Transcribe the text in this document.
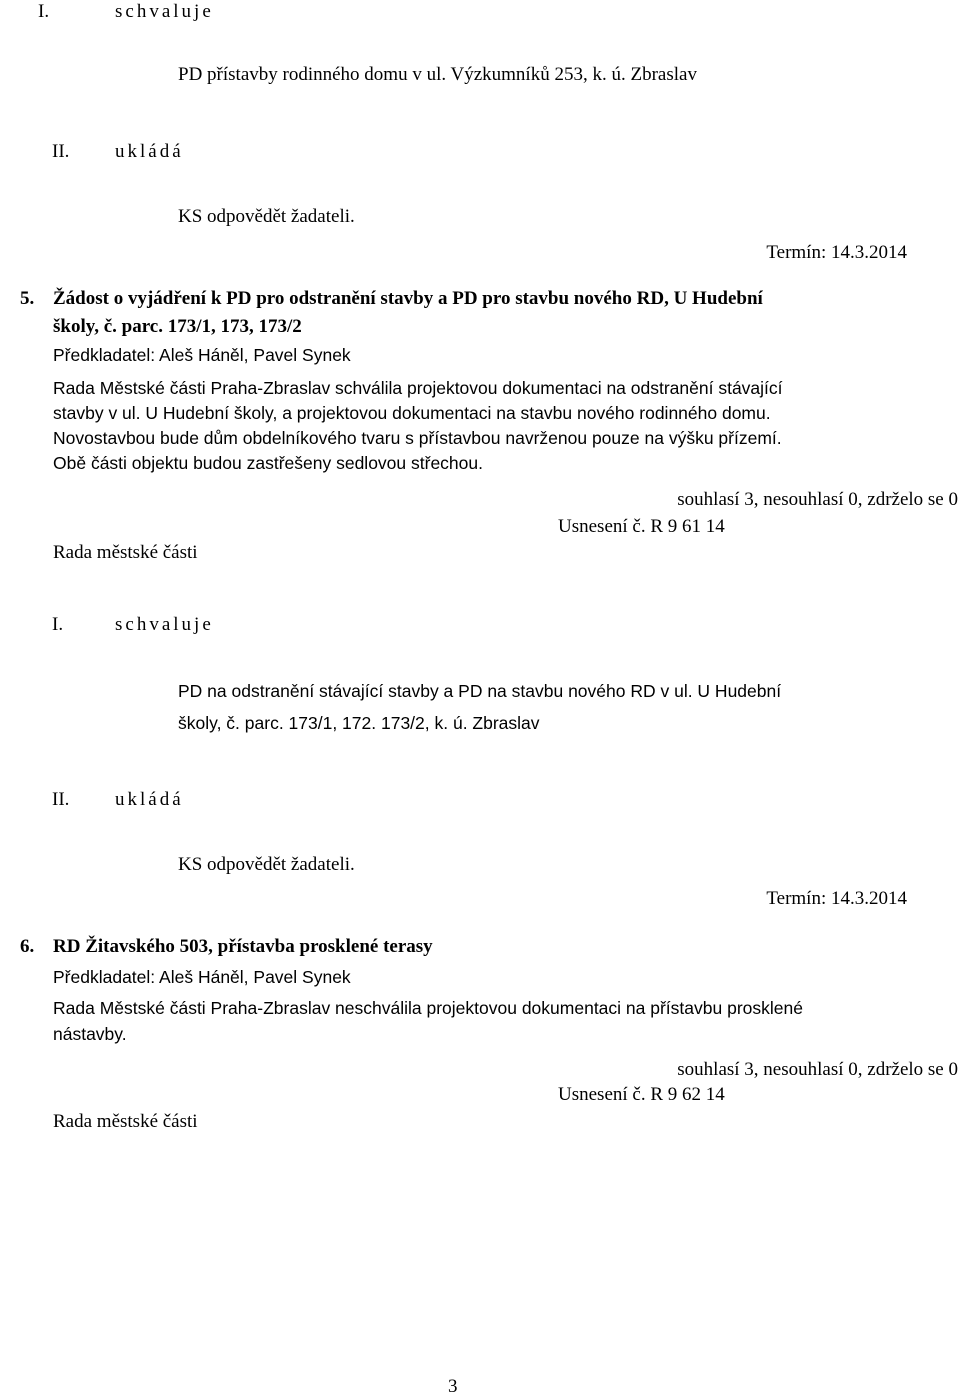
I.	schvaluje
PD přístavby rodinného domu v ul. Výzkumníků 253, k. ú. Zbraslav
II. ukládá
KS odpovědět žadateli.
Termín: 14.3.2014
5. Žádost o vyjádření k PD pro odstranění stavby a PD pro stavbu nového RD, U Hudební
školy, č. parc. 173/1, 173, 173/2
Předkladatel: Aleš Háněl, Pavel Synek
Rada Městské části Praha-Zbraslav schválila projektovou dokumentaci na odstranění stávající
stavby v ul. U Hudební školy, a projektovou dokumentaci na stavbu nového rodinného domu.
Novostavbou bude dům obdelníkového tvaru s přístavbou navrženou pouze na výšku přízemí.
Obě části objektu budou zastřešeny sedlovou střechou.
souhlasí 3, nesouhlasí 0, zdrželo se 0
Usnesení č. R 9 61 14
Rada městské části
I.	schvaluje
PD na odstranění stávající stavby a PD na stavbu nového RD v ul. U Hudební
školy, č. parc. 173/1, 172. 173/2, k. ú. Zbraslav
II. ukládá
KS odpovědět žadateli.
Termín: 14.3.2014
6. RD Žitavského 503, přístavba prosklené terasy
Předkladatel: Aleš Háněl, Pavel Synek
Rada Městské části Praha-Zbraslav neschválila projektovou dokumentaci na přístavbu prosklené
nástavby.
souhlasí 3, nesouhlasí 0, zdrželo se 0
Usnesení č. R 9 62 14
Rada městské části
3
